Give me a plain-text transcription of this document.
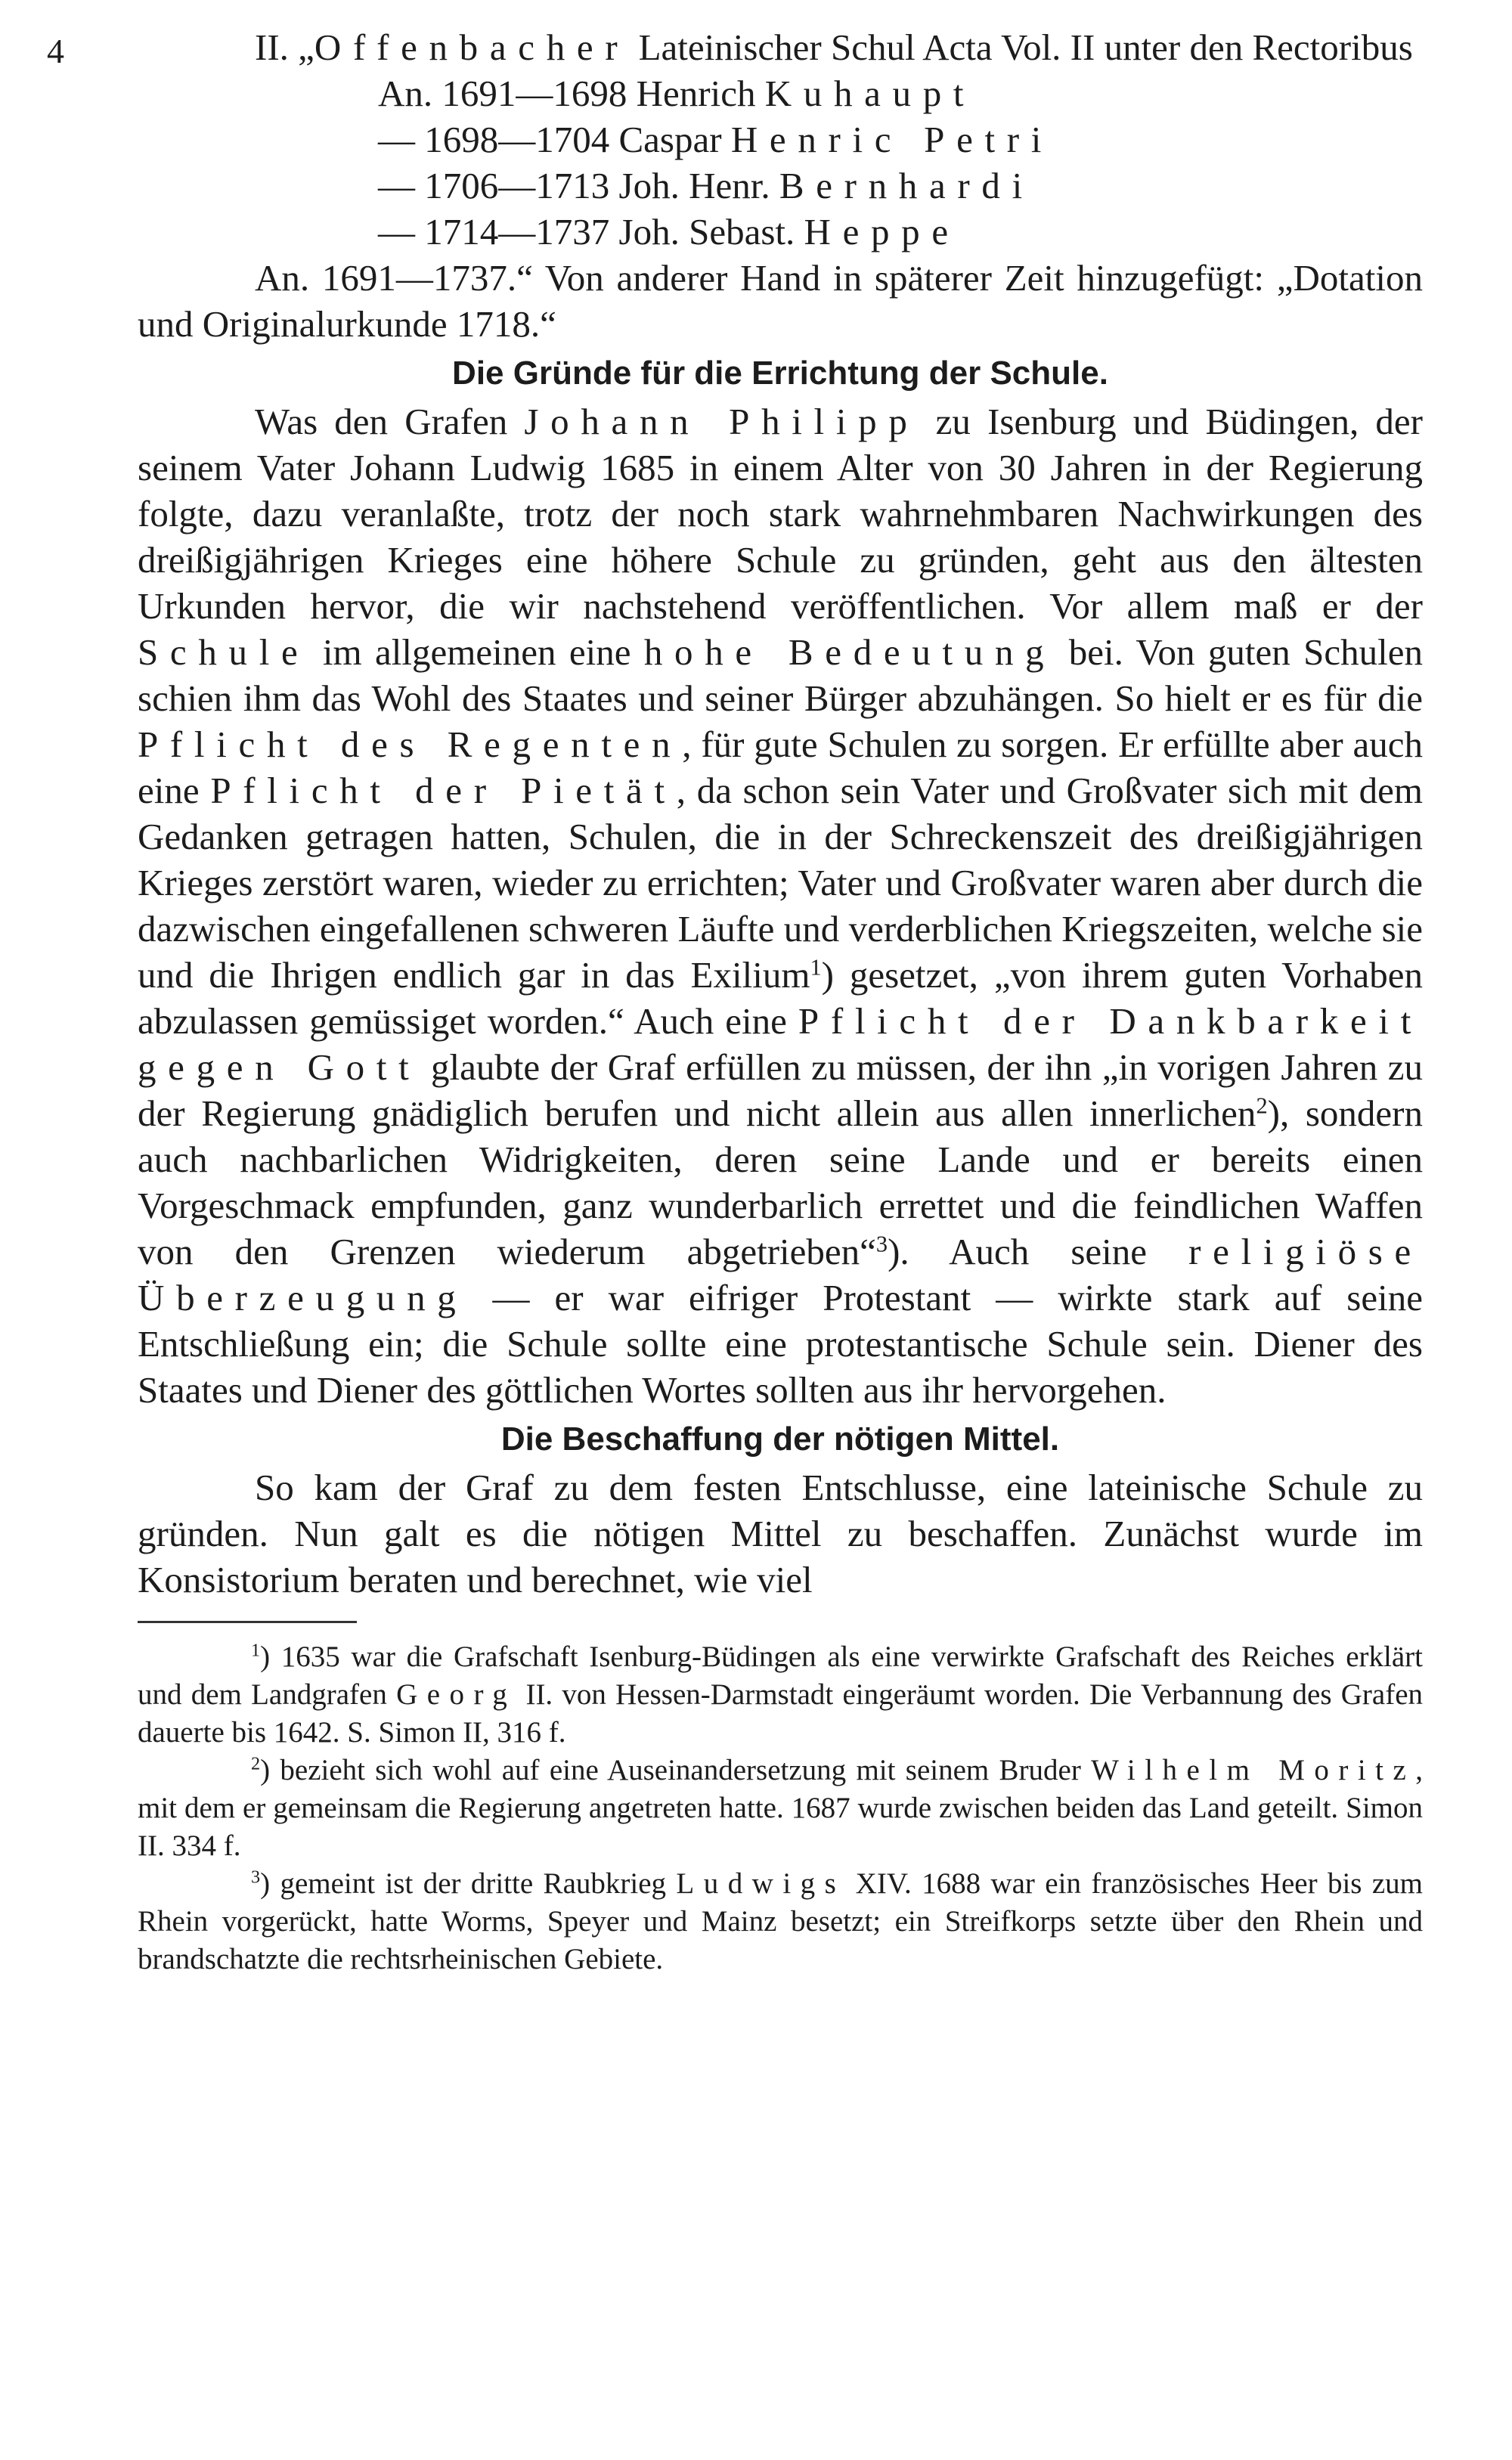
4	II. „Offenbacher Lateinischer Schul Acta Vol. II unter den Rectoribus

An. 1691—1698 Henrich Kuhaupt

— 1698—1704 Caspar Henric Petri

— 1706—1713 Joh. Henr. Bernhardi

— 1714—1737 Joh. Sebast. Heppe

An. 1691—1737.“ Von anderer Hand in späterer Zeit hinzugefügt: „Dotation und Originalurkunde 1718.“

Die Gründe für die Errichtung der Schule.

Was den Grafen Johann Philipp zu Isenburg und Büdingen, der seinem Vater Johann Ludwig 1685 in einem Alter von 30 Jahren in der Regierung folgte, dazu veranlaßte, trotz der noch stark wahrnehmbaren Nachwirkungen des dreißigjährigen Krieges eine höhere Schule zu gründen, geht aus den ältesten Urkunden hervor, die wir nachstehend veröffentlichen. Vor allem maß er der Schule im allgemeinen eine hohe Bedeutung bei. Von guten Schulen schien ihm das Wohl des Staates und seiner Bürger abzuhängen. So hielt er es für die Pflicht des Regenten, für gute Schulen zu sorgen. Er erfüllte aber auch eine Pflicht der Pietät, da schon sein Vater und Großvater sich mit dem Gedanken getragen hatten, Schulen, die in der Schreckenszeit des dreißigjährigen Krieges zerstört waren, wieder zu errichten; Vater und Großvater waren aber durch die dazwischen eingefallenen schweren Läufte und verderblichen Kriegszeiten, welche sie und die Ihrigen endlich gar in das Exilium$^1$) gesetzet, „von ihrem guten Vorhaben abzulassen gemüssiget worden.“ Auch eine Pflicht der Dankbarkeit gegen Gott glaubte der Graf erfüllen zu müssen, der ihn „in vorigen Jahren zu der Regierung gnädiglich berufen und nicht allein aus allen innerlichen$^2$), sondern auch nachbarlichen Widrigkeiten, deren seine Lande und er bereits einen Vorgeschmack empfunden, ganz wunderbarlich errettet und die feindlichen Waffen von den Grenzen wiederum abgetrieben“$^3$). Auch seine religiöse Überzeugung — er war eifriger Protestant — wirkte stark auf seine Entschließung ein; die Schule sollte eine protestantische Schule sein. Diener des Staates und Diener des göttlichen Wortes sollten aus ihr hervorgehen.

Die Beschaffung der nötigen Mittel.

So kam der Graf zu dem festen Entschlusse, eine lateinische Schule zu gründen. Nun galt es die nötigen Mittel zu beschaffen. Zunächst wurde im Konsistorium beraten und berechnet, wie viel

$^1$) 1635 war die Grafschaft Isenburg-Büdingen als eine verwirkte Grafschaft des Reiches erklärt und dem Landgrafen Georg II. von Hessen-Darmstadt eingeräumt worden. Die Verbannung des Grafen dauerte bis 1642. S. Simon II, 316 f.

$^2$) bezieht sich wohl auf eine Auseinandersetzung mit seinem Bruder Wilhelm Moritz, mit dem er gemeinsam die Regierung angetreten hatte. 1687 wurde zwischen beiden das Land geteilt. Simon II. 334 f.

$^3$) gemeint ist der dritte Raubkrieg Ludwigs XIV. 1688 war ein französisches Heer bis zum Rhein vorgerückt, hatte Worms, Speyer und Mainz besetzt; ein Streifkorps setzte über den Rhein und brandschatzte die rechtsrheinischen Gebiete.
